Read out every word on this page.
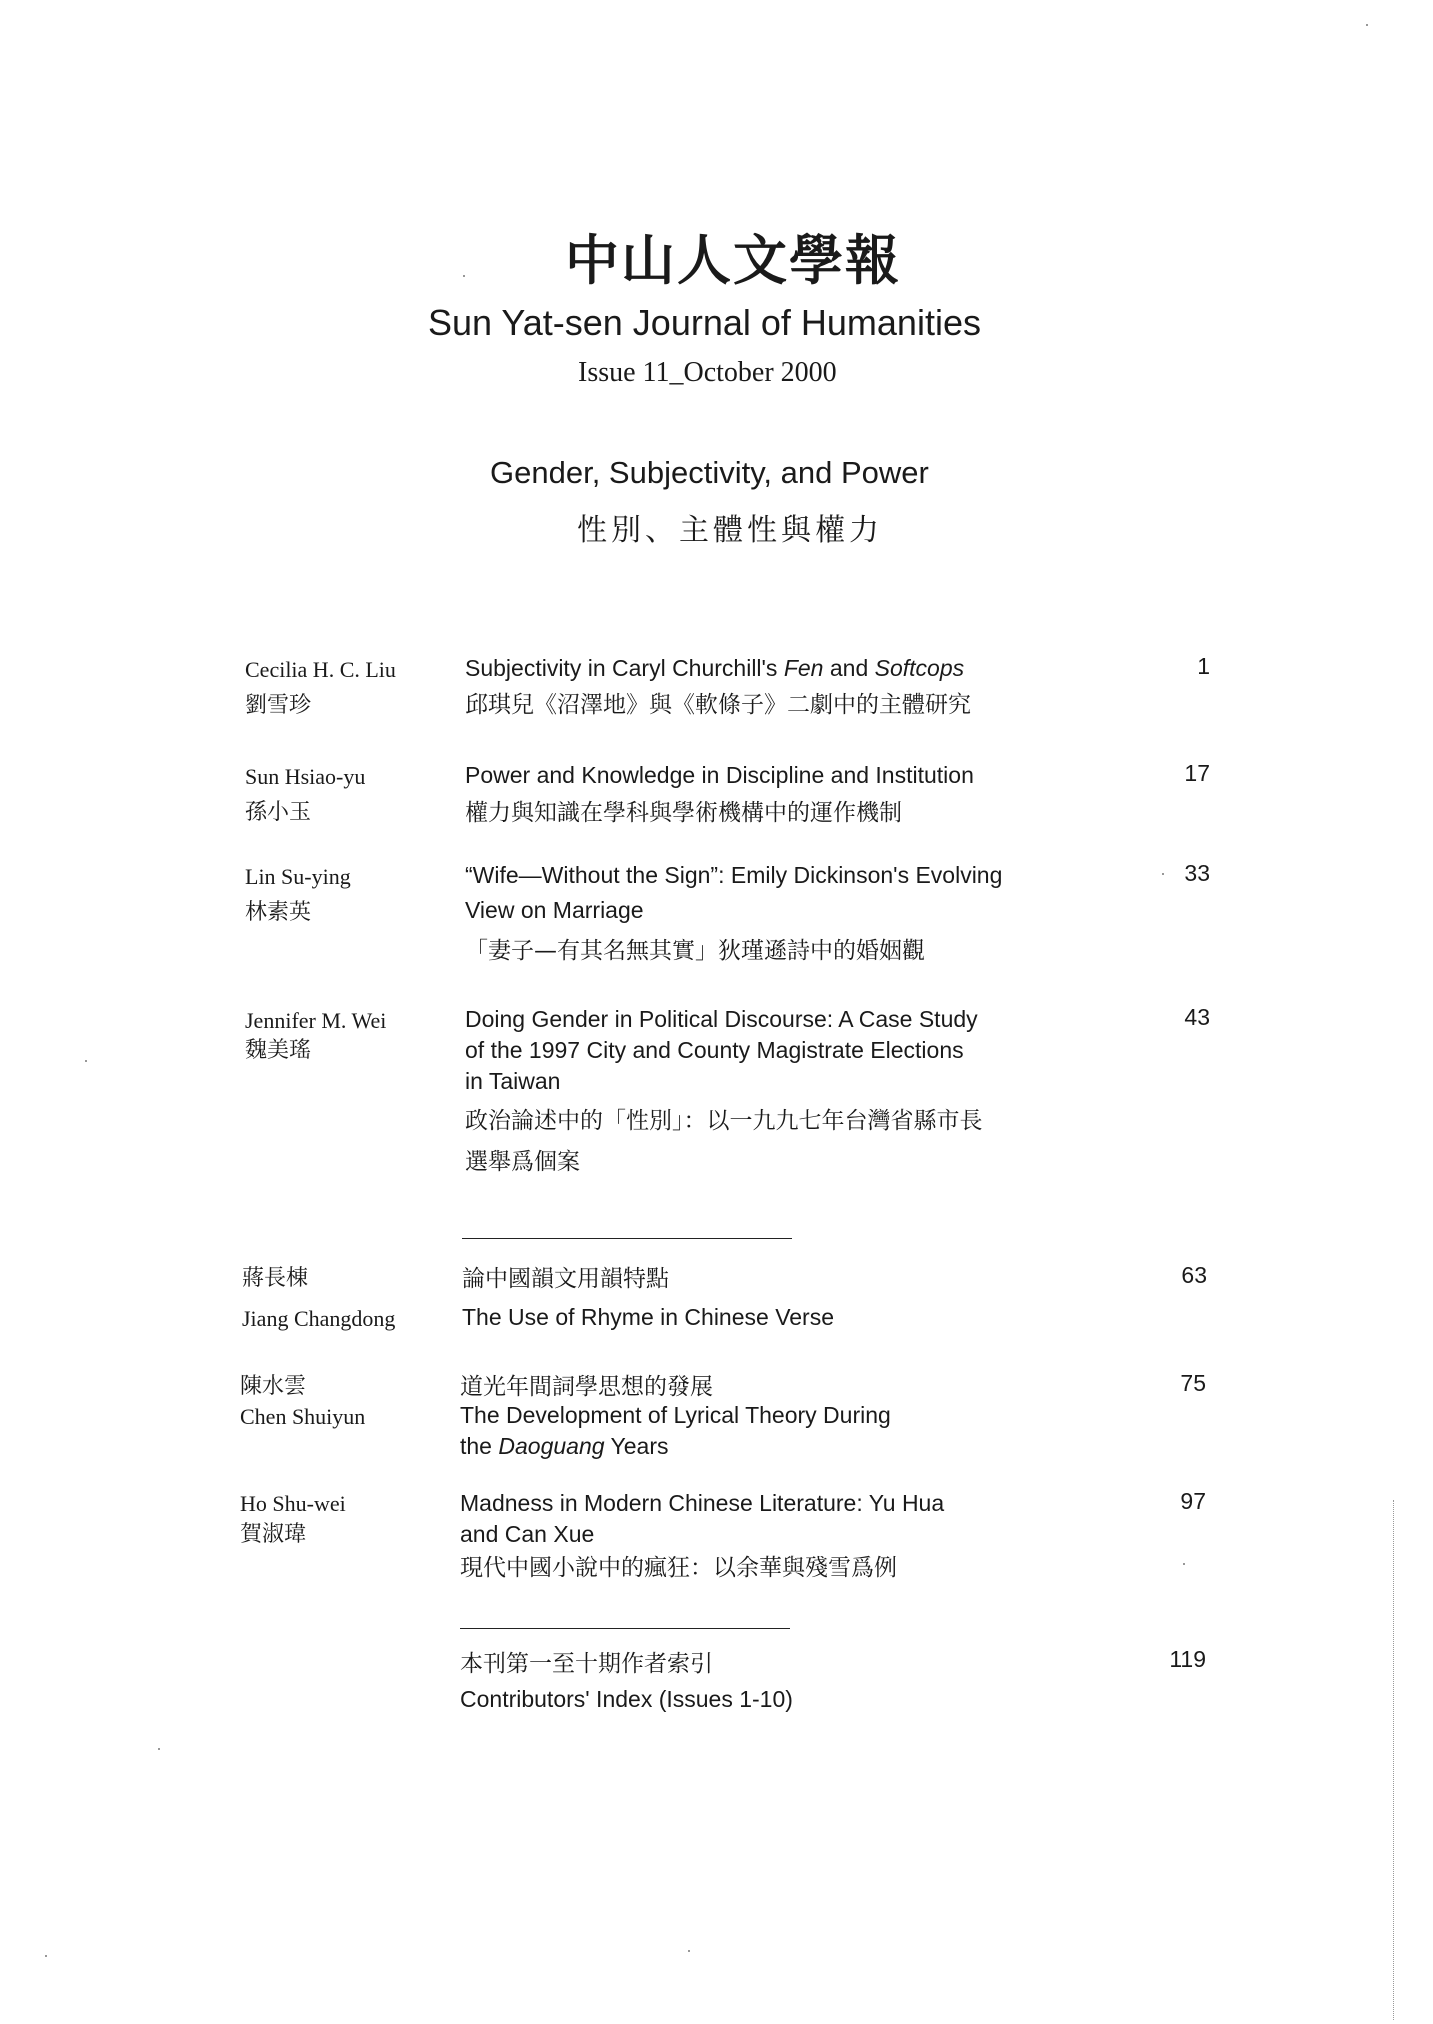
中山人文學報
Sun Yat-sen Journal of Humanities
Issue 11_October 2000
Gender, Subjectivity, and Power
性別、主體性與權力
Cecilia H. C. Liu
劉雪珍
Subjectivity in Caryl Churchill's Fen and Softcops
邱琪兒《沼澤地》與《軟條子》二劇中的主體研究
1
Sun Hsiao-yu
孫小玉
Power and Knowledge in Discipline and Institution
權力與知識在學科與學術機構中的運作機制
17
Lin Su-ying
林素英
“Wife—Without the Sign”: Emily Dickinson's Evolving
View on Marriage
「妻子—有其名無其實」狄瑾遜詩中的婚姻觀
33
Jennifer M. Wei
魏美瑤
Doing Gender in Political Discourse: A Case Study
of the 1997 City and County Magistrate Elections
in Taiwan
政治論述中的「性別」：以一九九七年台灣省縣市長
選舉爲個案
43
蔣長棟
Jiang Changdong
論中國韻文用韻特點
The Use of Rhyme in Chinese Verse
63
陳水雲
Chen Shuiyun
道光年間詞學思想的發展
The Development of Lyrical Theory During
the Daoguang Years
75
Ho Shu-wei
賀淑瑋
Madness in Modern Chinese Literature: Yu Hua
and Can Xue
現代中國小說中的瘋狂：以余華與殘雪爲例
97
本刊第一至十期作者索引
Contributors' Index (Issues 1-10)
119
